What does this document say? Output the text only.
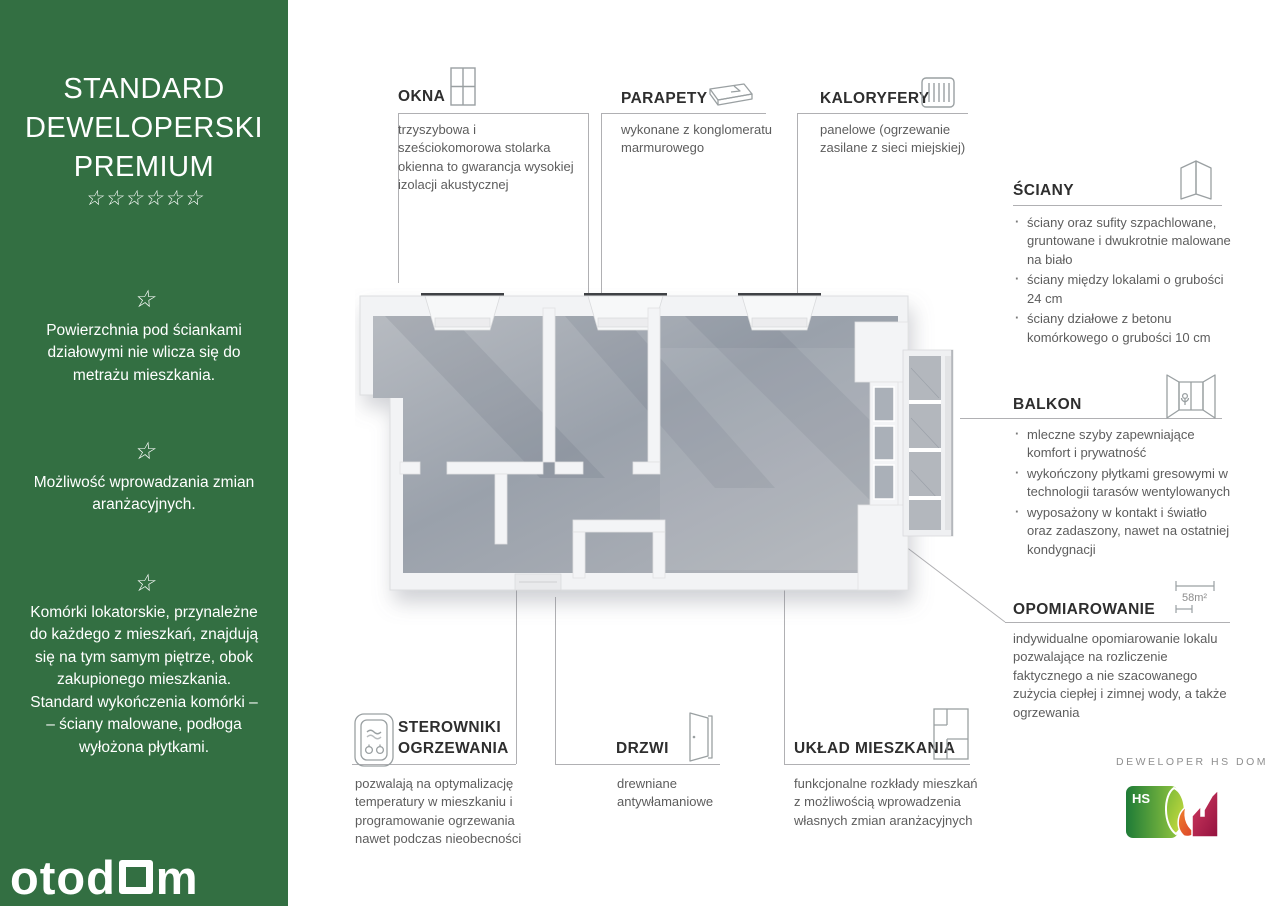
STANDARD DEWELOPERSKI PREMIUM
☆☆☆☆☆☆
☆
Powierzchnia pod ściankami działowymi nie wlicza się do metrażu mieszkania.
☆
Możliwość wprowadzania zmian aranżacyjnych.
☆
Komórki lokatorskie, przynależne do każdego z mieszkań, znajdują się na tym samym piętrze, obok zakupionego mieszkania. Standard wykończenia komórki – – ściany malowane, podłoga wyłożona płytkami.
otod m
OKNA
trzyszybowa i sześciokomorowa stolarka okienna to gwarancja wysokiej izolacji akustycznej
PARAPETY
wykonane z konglomeratu marmurowego
KALORYFERY
panelowe (ogrzewanie zasilane z sieci miejskiej)
ŚCIANY
· ściany oraz sufity szpachlowane, gruntowane i dwukrotnie malowane na biało
· ściany między lokalami o grubości 24 cm
· ściany działowe z betonu komórkowego o grubości 10 cm
BALKON
· mleczne szyby zapewniające komfort i prywatność
· wykończony płytkami gresowymi w technologii tarasów wentylowanych
· wyposażony w kontakt i światło oraz zadaszony, nawet na ostatniej kondygnacji
OPOMIAROWANIE
58m²
indywidualne opomiarowanie lokalu pozwalające na rozliczenie faktycznego a nie szacowanego zużycia ciepłej i zimnej wody, a także ogrzewania
STEROWNIKI OGRZEWANIA
pozwalają na optymalizację temperatury w mieszkaniu i programowanie ogrzewania nawet podczas nieobecności
DRZWI
drewniane antywłamaniowe
UKŁAD MIESZKANIA
funkcjonalne rozkłady mieszkań z możliwością wprowadzenia własnych zmian aranżacyjnych
DEWELOPER HS DOM
HS
